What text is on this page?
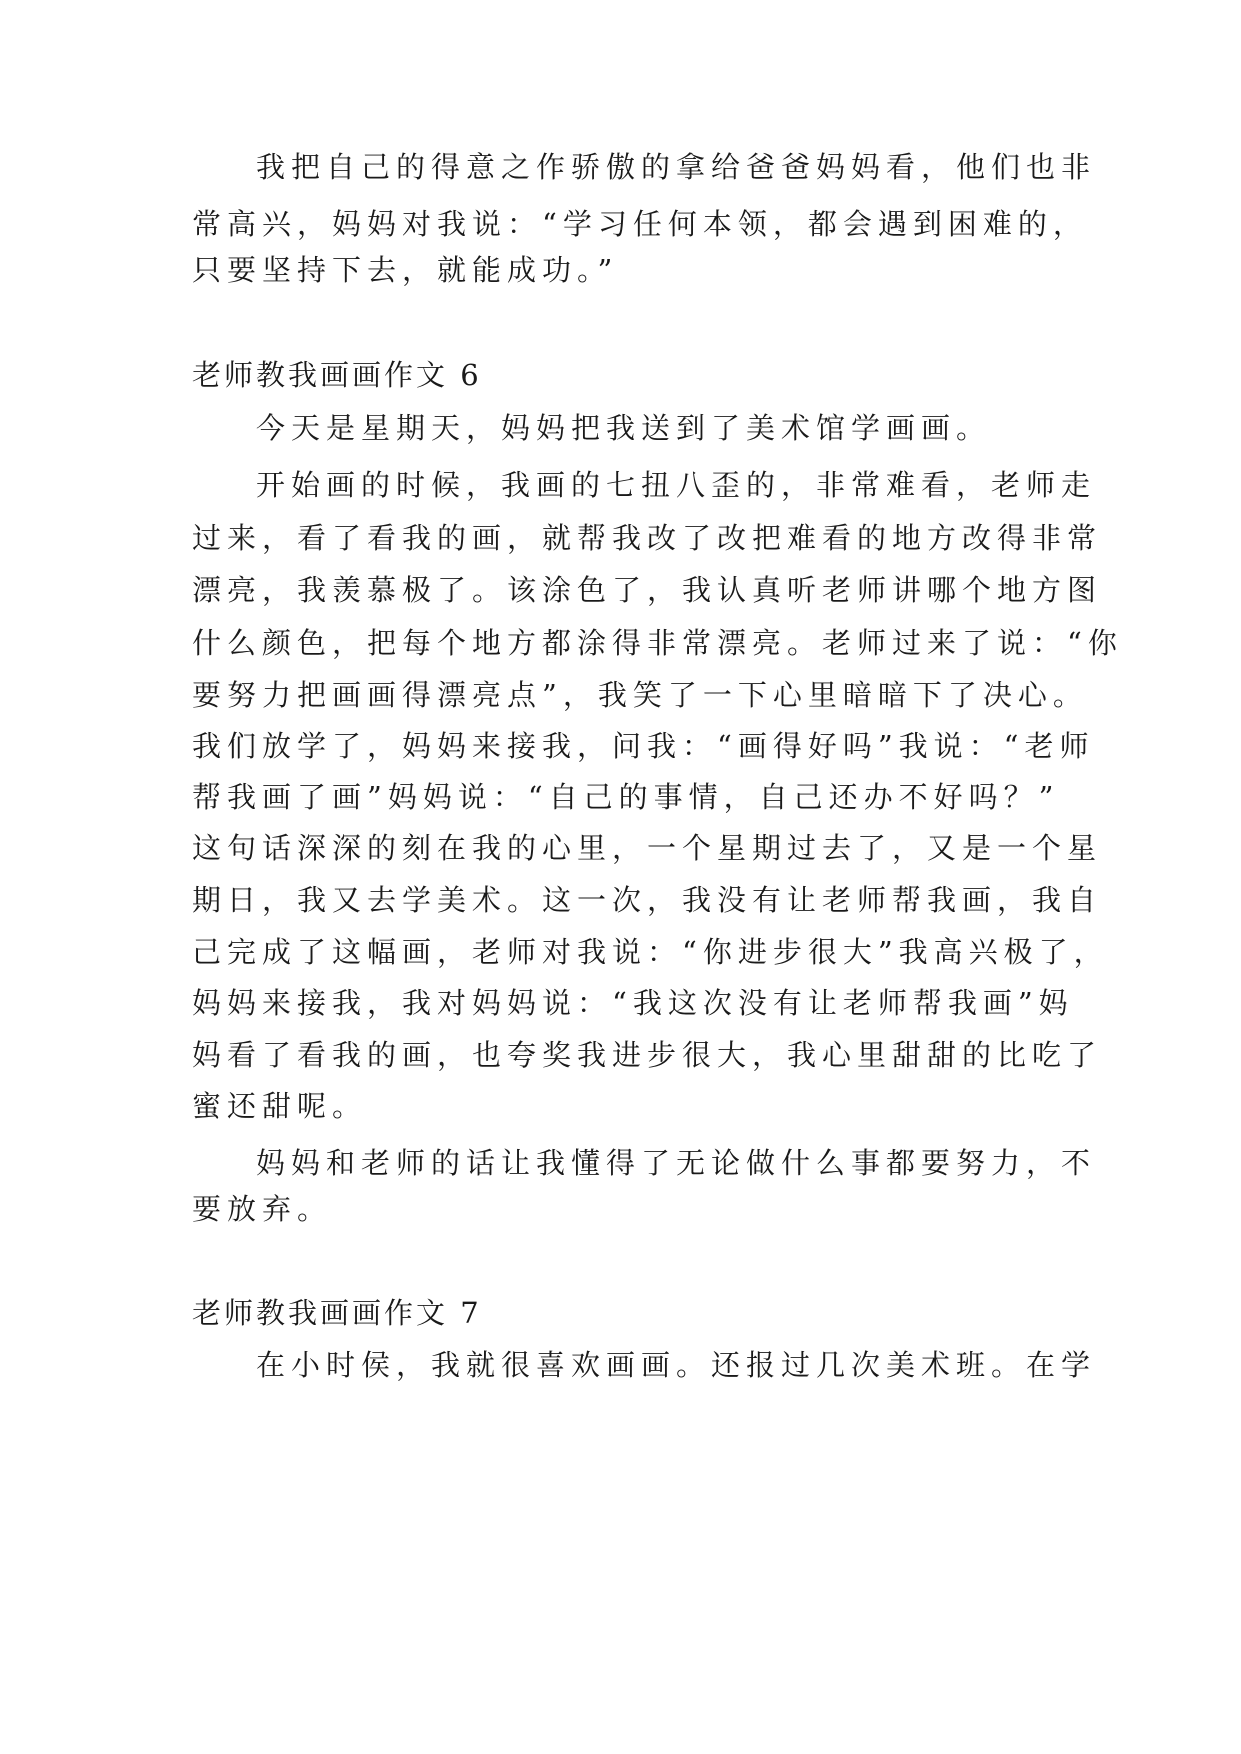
我把自己的得意之作骄傲的拿给爸爸妈妈看，他们也非
常高兴，妈妈对我说：“学习任何本领，都会遇到困难的，
只要坚持下去，就能成功。”
老师教我画画作文 6
今天是星期天，妈妈把我送到了美术馆学画画。
开始画的时候，我画的七扭八歪的，非常难看，老师走
过来，看了看我的画，就帮我改了改把难看的地方改得非常
漂亮，我羡慕极了。该涂色了，我认真听老师讲哪个地方图
什么颜色，把每个地方都涂得非常漂亮。老师过来了说：“你
要努力把画画得漂亮点”，我笑了一下心里暗暗下了决心。
我们放学了，妈妈来接我，问我：“画得好吗”我说：“老师
帮我画了画”妈妈说：“自己的事情，自己还办不好吗？”
这句话深深的刻在我的心里，一个星期过去了，又是一个星
期日，我又去学美术。这一次，我没有让老师帮我画，我自
己完成了这幅画，老师对我说：“你进步很大”我高兴极了，
妈妈来接我，我对妈妈说：“我这次没有让老师帮我画”妈
妈看了看我的画，也夸奖我进步很大，我心里甜甜的比吃了
蜜还甜呢。
妈妈和老师的话让我懂得了无论做什么事都要努力，不
要放弃。
老师教我画画作文 7
在小时侯，我就很喜欢画画。还报过几次美术班。在学
